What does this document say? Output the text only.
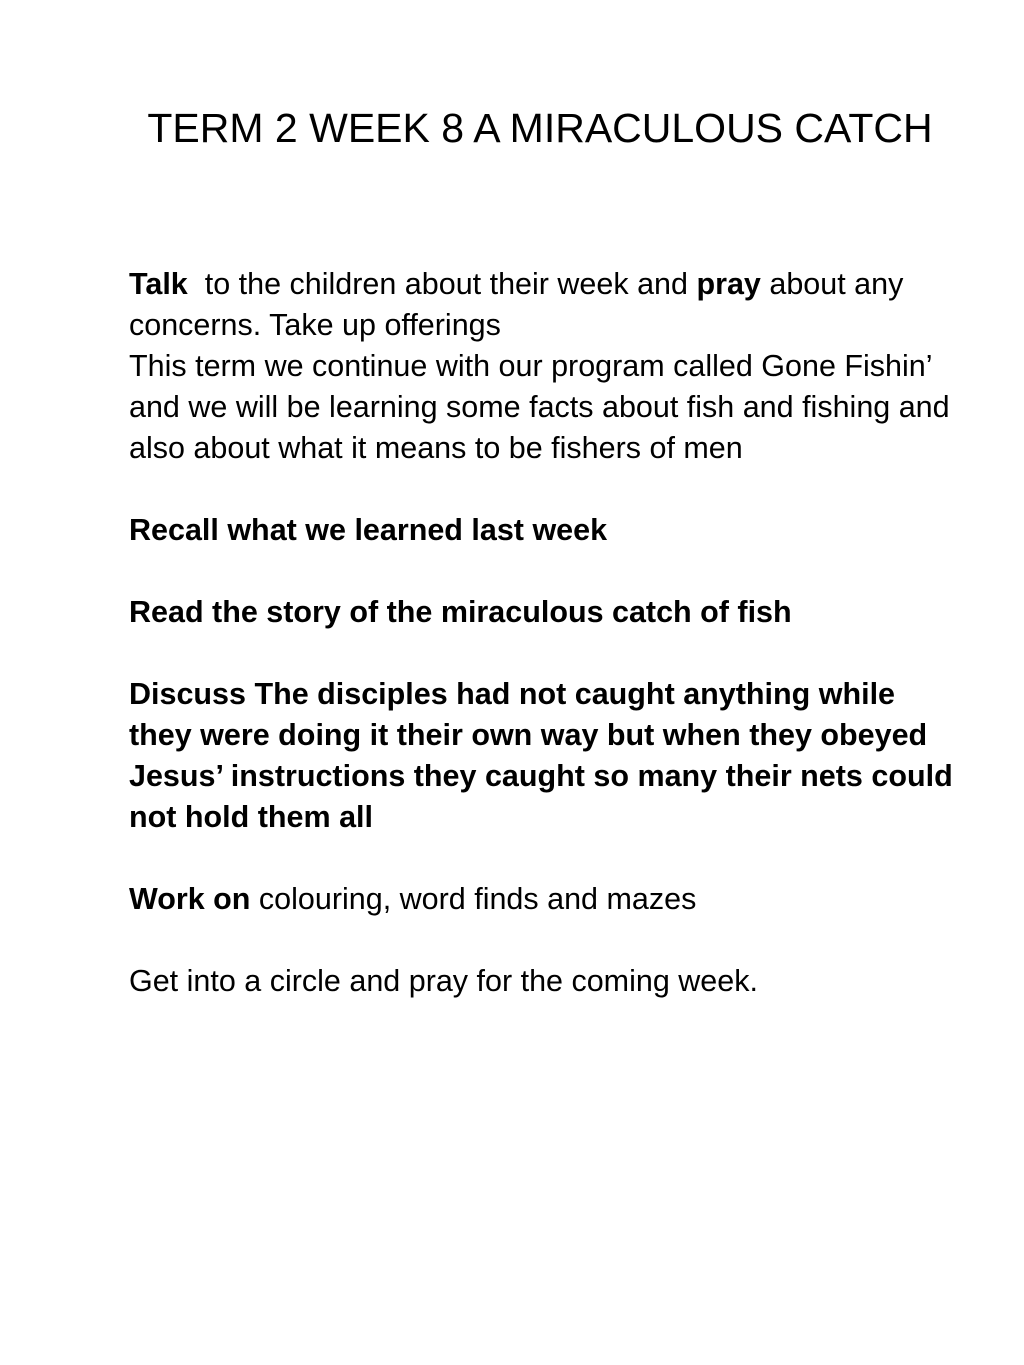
TERM 2 WEEK 8 A MIRACULOUS CATCH

Talk to the children about their week and pray about any concerns. Take up offerings

This term we continue with our program called Gone Fishin’ and we will be learning some facts about fish and fishing and also about what it means to be fishers of men

Recall what we learned last week

Read the story of the miraculous catch of fish

Discuss The disciples had not caught anything while they were doing it their own way but when they obeyed Jesus’ instructions they caught so many their nets could not hold them all

Work on colouring, word finds and mazes

Get into a circle and pray for the coming week.
